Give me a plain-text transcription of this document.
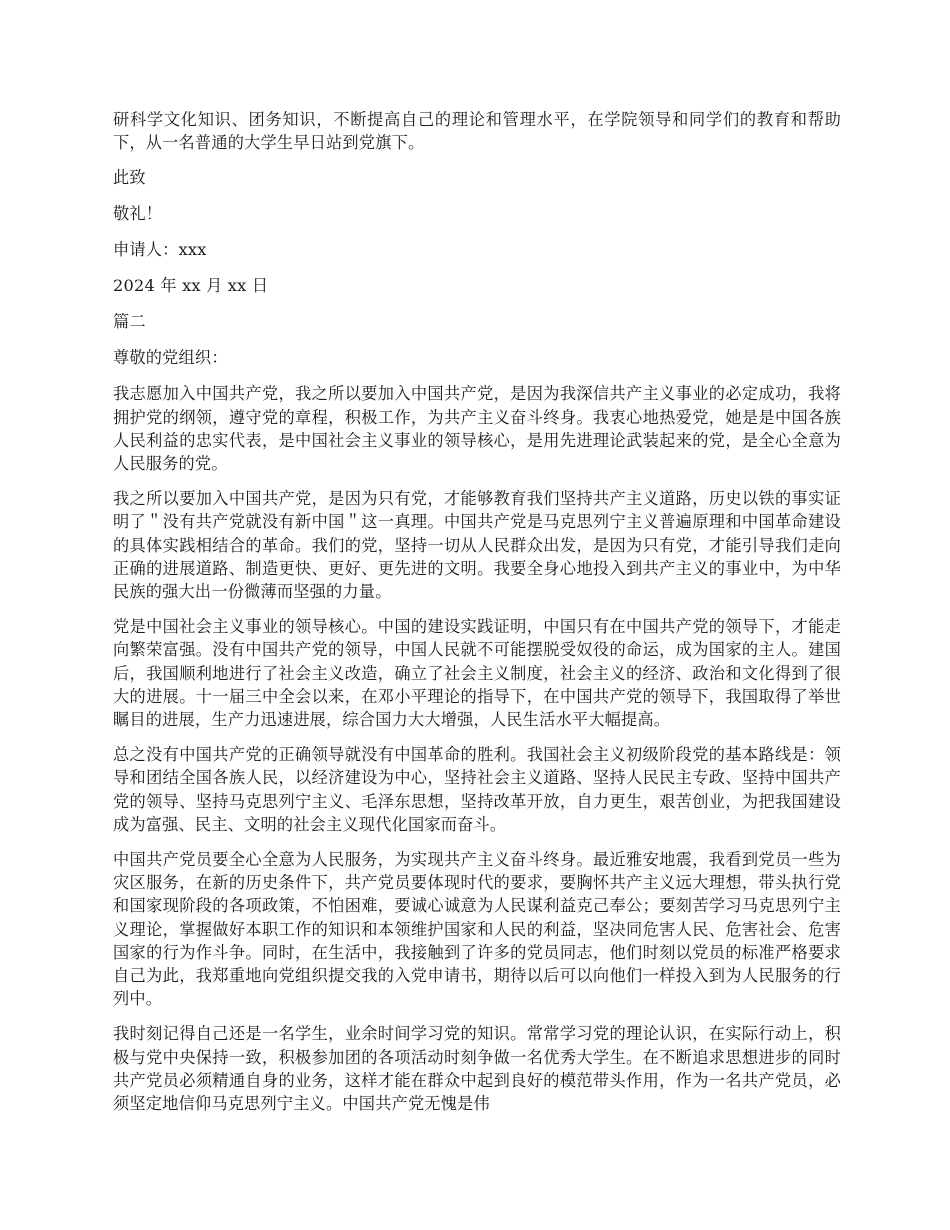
研科学文化知识、团务知识，不断提高自己的理论和管理水平，在学院领导和同学们的教育和帮助下，从一名普通的大学生早日站到党旗下。

此致

敬礼！

申请人：xxx

2024 年 xx 月 xx 日

篇二

尊敬的党组织：

我志愿加入中国共产党，我之所以要加入中国共产党，是因为我深信共产主义事业的必定成功，我将拥护党的纲领，遵守党的章程，积极工作，为共产主义奋斗终身。我衷心地热爱党，她是是中国各族人民利益的忠实代表，是中国社会主义事业的领导核心，是用先进理论武装起来的党，是全心全意为人民服务的党。

我之所以要加入中国共产党，是因为只有党，才能够教育我们坚持共产主义道路，历史以铁的事实证明了＂没有共产党就没有新中国＂这一真理。中国共产党是马克思列宁主义普遍原理和中国革命建设的具体实践相结合的革命。我们的党，坚持一切从人民群众出发，是因为只有党，才能引导我们走向正确的进展道路、制造更快、更好、更先进的文明。我要全身心地投入到共产主义的事业中，为中华民族的强大出一份微薄而坚强的力量。

党是中国社会主义事业的领导核心。中国的建设实践证明，中国只有在中国共产党的领导下，才能走向繁荣富强。没有中国共产党的领导，中国人民就不可能摆脱受奴役的命运，成为国家的主人。建国后，我国顺利地进行了社会主义改造，确立了社会主义制度，社会主义的经济、政治和文化得到了很大的进展。十一届三中全会以来，在邓小平理论的指导下，在中国共产党的领导下，我国取得了举世瞩目的进展，生产力迅速进展，综合国力大大增强，人民生活水平大幅提高。

总之没有中国共产党的正确领导就没有中国革命的胜利。我国社会主义初级阶段党的基本路线是：领导和团结全国各族人民，以经济建设为中心，坚持社会主义道路、坚持人民民主专政、坚持中国共产党的领导、坚持马克思列宁主义、毛泽东思想，坚持改革开放，自力更生，艰苦创业，为把我国建设成为富强、民主、文明的社会主义现代化国家而奋斗。

中国共产党员要全心全意为人民服务，为实现共产主义奋斗终身。最近雅安地震，我看到党员一些为灾区服务，在新的历史条件下，共产党员要体现时代的要求，要胸怀共产主义远大理想，带头执行党和国家现阶段的各项政策，不怕困难，要诚心诚意为人民谋利益克己奉公；要刻苦学习马克思列宁主义理论，掌握做好本职工作的知识和本领维护国家和人民的利益，坚决同危害人民、危害社会、危害国家的行为作斗争。同时，在生活中，我接触到了许多的党员同志，他们时刻以党员的标准严格要求自己为此，我郑重地向党组织提交我的入党申请书，期待以后可以向他们一样投入到为人民服务的行列中。

我时刻记得自己还是一名学生，业余时间学习党的知识。常常学习党的理论认识，在实际行动上，积极与党中央保持一致，积极参加团的各项活动时刻争做一名优秀大学生。在不断追求思想进步的同时共产党员必须精通自身的业务，这样才能在群众中起到良好的模范带头作用，作为一名共产党员，必须坚定地信仰马克思列宁主义。中国共产党无愧是伟
